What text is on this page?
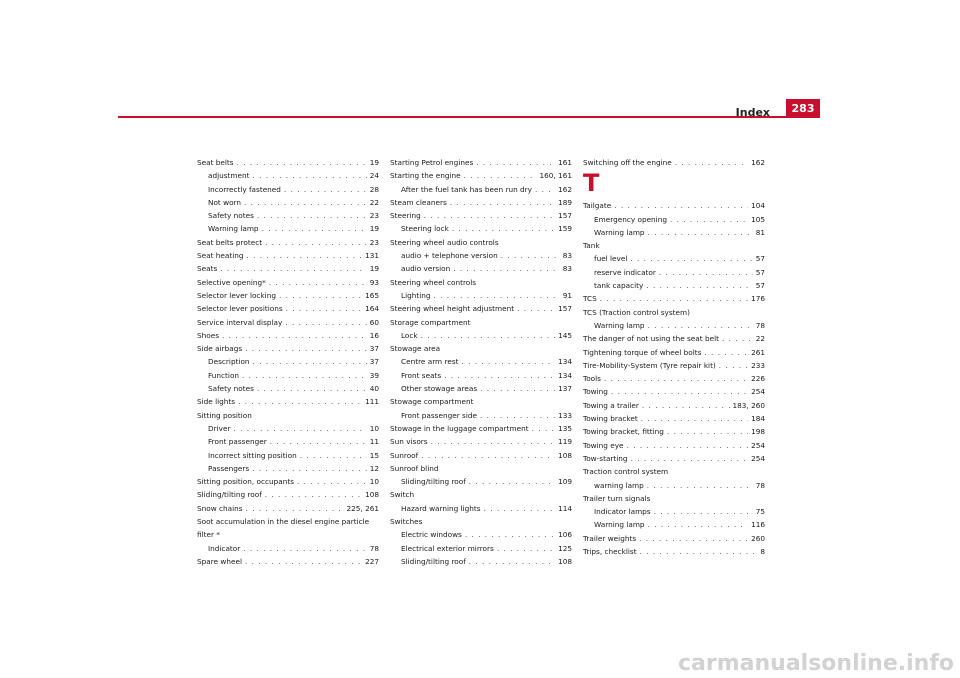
Index	283
Seat belts . . .	19
adjustment . . .	24
Incorrectly fastened . . .	28
Not worn . . .	22
Safety notes . . .	23
Warning lamp . . .	19
Seat belts protect . . .	23
Seat heating . . .	131
Seats . . .	19
Selective opening* . . .	93
Selector lever locking . . .	165
Selector lever positions . . .	164
Service interval display . . .	60
Shoes . . .	16
Side airbags . . .	37
Description . . .	37
Function . . .	39
Safety notes . . .	40
Side lights . . .	111
Sitting position
Driver . . .	10
Front passenger . . .	11
Incorrect sitting position . . .	15
Passengers . . .	12
Sitting position, occupants . . .	10
Sliding/tilting roof . . .	108
Snow chains . . .	225, 261
Soot accumulation in the diesel engine particle filter *
Indicator . . .	78
Spare wheel . . .	227
Starting Petrol engines . . .	161
Starting the engine . . .	160, 161
After the fuel tank has been run dry . . .	162
Steam cleaners . . .	189
Steering . . .	157
Steering lock . . .	159
Steering wheel audio controls
audio + telephone version . . .	83
audio version . . .	83
Steering wheel controls
Lighting . . .	91
Steering wheel height adjustment . . .	157
Storage compartment
Lock . . .	145
Stowage area
Centre arm rest . . .	134
Front seats . . .	134
Other stowage areas . . .	137
Stowage compartment
Front passenger side . . .	133
Stowage in the luggage compartment . . .	135
Sun visors . . .	119
Sunroof . . .	108
Sunroof blind
Sliding/tilting roof . . .	109
Switch
Hazard warning lights . . .	114
Switches
Electric windows . . .	106
Electrical exterior mirrors . . .	125
Sliding/tilting roof . . .	108
Switching off the engine . . .	162
T
Tailgate . . .	104
Emergency opening . . .	105
Warning lamp . . .	81
Tank
fuel level . . .	57
reserve indicator . . .	57
tank capacity . . .	57
TCS . . .	176
TCS (Traction control system)
Warning lamp . . .	78
The danger of not using the seat belt . . .	22
Tightening torque of wheel bolts . . .	261
Tire-Mobility-System (Tyre repair kit) . . .	233
Tools . . .	226
Towing . . .	254
Towing a trailer . . .	183, 260
Towing bracket . . .	184
Towing bracket, fitting . . .	198
Towing eye . . .	254
Tow-starting . . .	254
Traction control system
warning lamp . . .	78
Trailer turn signals
Indicator lamps . . .	75
Warning lamp . . .	116
Trailer weights . . .	260
Trips, checklist . . .	8
carmanualsonline.info
